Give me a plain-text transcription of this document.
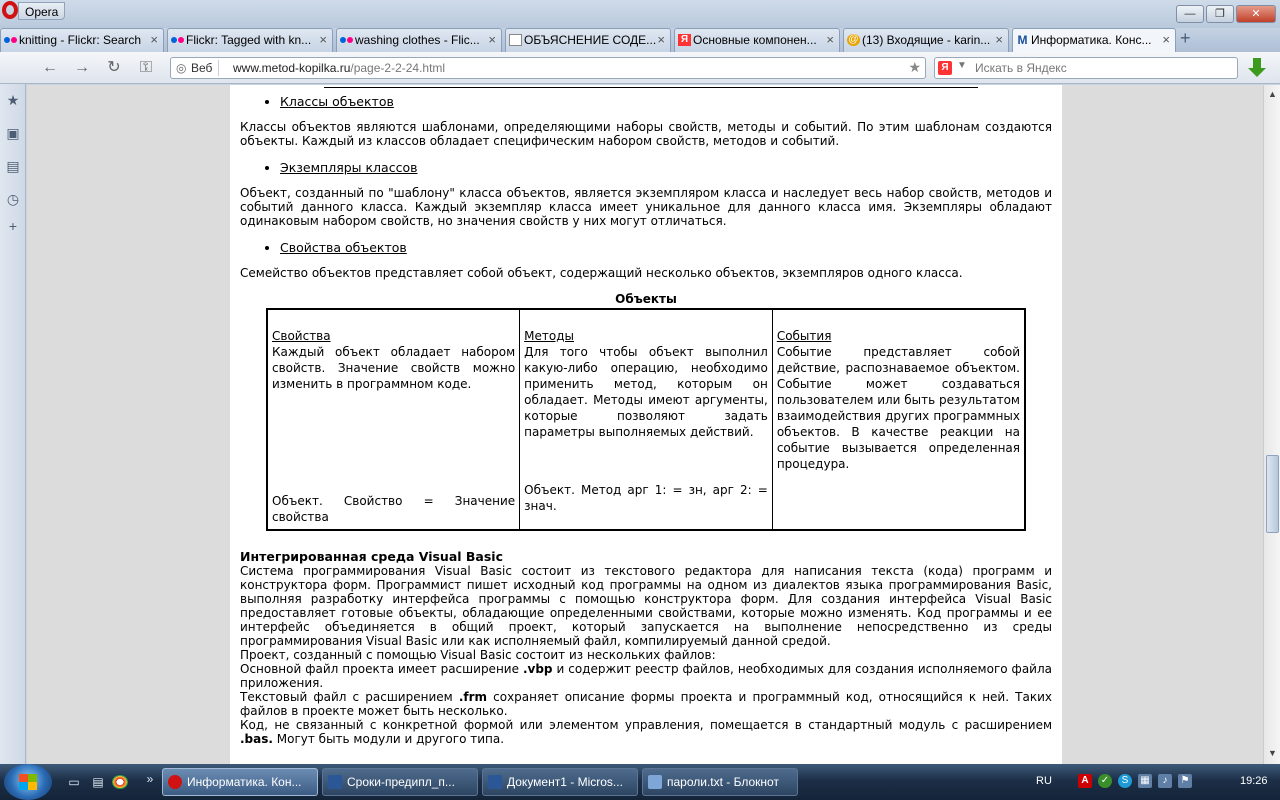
Opera	—	❐	✕
knitting - Flickr: Search ×	Flickr: Tagged with kn... ×	washing clothes - Flic... ×	ОБЪЯСНЕНИЕ СОДЕ... × Я Основные компонен... × @ (13) Входящие - karin... × M Информатика. Конс... × +
← → ↻ ⚿
◎	Веб	www.metod-kopilka.ru/page-2-2-24.html	★	Я ▼ Искать в Яндекс
★
▣
▤
◷
+
• Классы объектов

Классы объектов являются шаблонами, определяющими наборы свойств, методы и событий. По этим шаблонам создаются объекты. Каждый из классов обладает специфическим набором свойств, методов и событий.

• Экземпляры классов

Объект, созданный по "шаблону" класса объектов, является экземпляром класса и наследует весь набор свойств, методов и событий данного класса. Каждый экземпляр класса имеет уникальное для данного класса имя. Экземпляры обладают одинаковым набором свойств, но значения свойств у них могут отличаться.

• Свойства объектов

Семейство объектов представляет собой объект, содержащий несколько объектов, экземпляров одного класса.

Объекты
Свойства
Каждый объект обладает набором свойств. Значение свойств можно изменить в программном коде.
Объект. Свойство = Значение свойства

Методы
Для того чтобы объект выполнил какую-либо операцию, необходимо применить метод, которым он обладает. Методы имеют аргументы, которые позволяют задать параметры выполняемых действий.
Объект. Метод арг 1: = зн, арг 2: = знач.

События
Событие представляет собой действие, распознаваемое объектом. Событие может создаваться пользователем или быть результатом взаимодействия других программных объектов. В качестве реакции на событие вызывается определенная процедура.
Интегрированная среда Visual Basic

Система программирования Visual Basic состоит из текстового редактора для написания текста (кода) программ и конструктора форм. Программист пишет исходный код программы на одном из диалектов языка программирования Basic, выполняя разработку интерфейса программы с помощью конструктора форм. Для создания интерфейса Visual Basic предоставляет готовые объекты, обладающие определенными свойствами, которые можно изменять. Код программы и ее интерфейс объединяется в общий проект, который запускается на выполнение непосредственно из среды программирования Visual Basic или как исполняемый файл, компилируемый данной средой.

Проект, созданный с помощью Visual Basic состоит из нескольких файлов:

Основной файл проекта имеет расширение .vbp и содержит реестр файлов, необходимых для создания исполняемого файла приложения.

Текстовый файл с расширением .frm сохраняет описание формы проекта и программный код, относящийся к ней. Таких файлов в проекте может быть несколько.

Код, не связанный с конкретной формой или элементом управления, помещается в стандартный модуль с расширением .bas. Могут быть модули и другого типа.

▲
▼
▭ ▤	»	Информатика. Кон...	Сроки-предипл_п...	Документ1 - Micros...	пароли.txt - Блокнот	RU	A	✓	S	▦	♪	⚑	19:26
